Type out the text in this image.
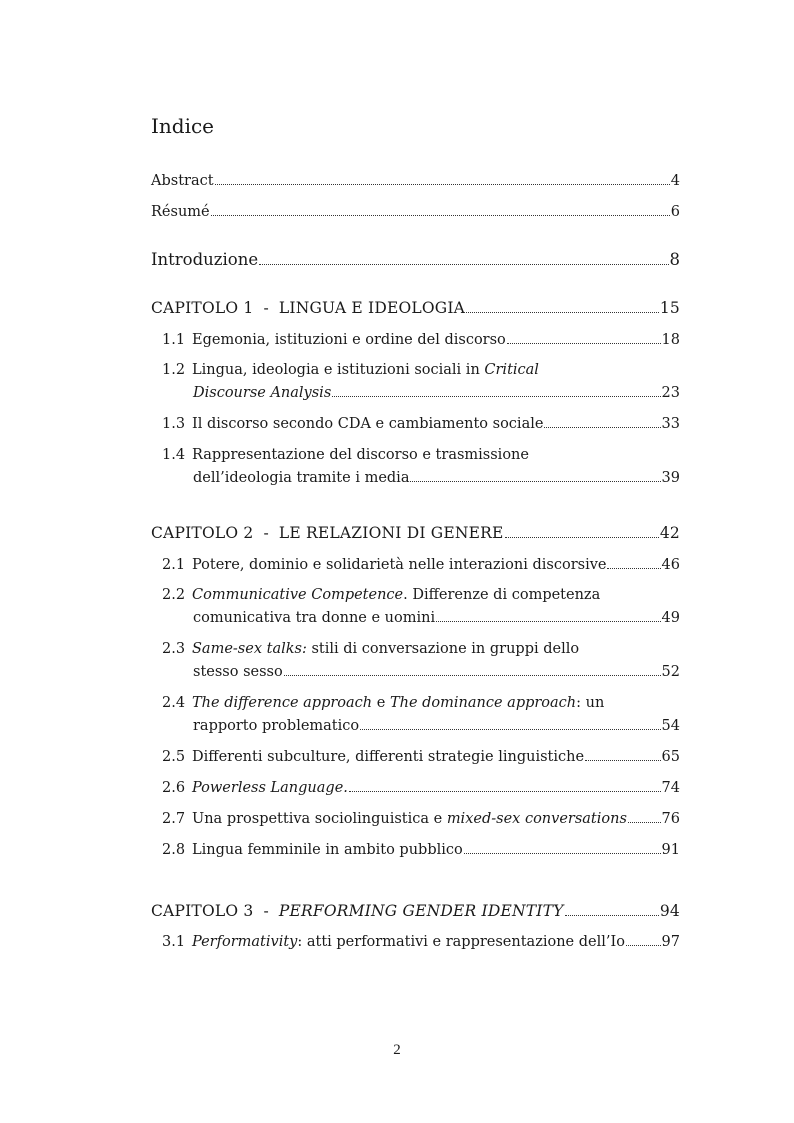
Indice
Abstract	4
Résumé	6
Introduzione	8
CAPITOLO 1 - LINGUA E IDEOLOGIA	15
1.1 Egemonia, istituzioni e ordine del discorso	18
1.2 Lingua, ideologia e istituzioni sociali in Critical
Discourse Analysis	23
1.3 Il discorso secondo CDA e cambiamento sociale	33
1.4 Rappresentazione del discorso e trasmissione
dell’ideologia tramite i media	39
CAPITOLO 2 - LE RELAZIONI DI GENERE	42
2.1 Potere, dominio e solidarietà nelle interazioni discorsive	46
2.2 Communicative Competence. Differenze di competenza
comunicativa tra donne e uomini	49
2.3 Same-sex talks: stili di conversazione in gruppi dello
stesso sesso	52
2.4 The difference approach e The dominance approach: un
rapporto problematico	54
2.5 Differenti subculture, differenti strategie linguistiche	65
2.6 Powerless Language.	74
2.7 Una prospettiva sociolinguistica e mixed-sex conversations 76
2.8 Lingua femminile in ambito pubblico	91
CAPITOLO 3 - PERFORMING GENDER IDENTITY	94
3.1 Performativity: atti performativi e rappresentazione dell’Io	97
2
